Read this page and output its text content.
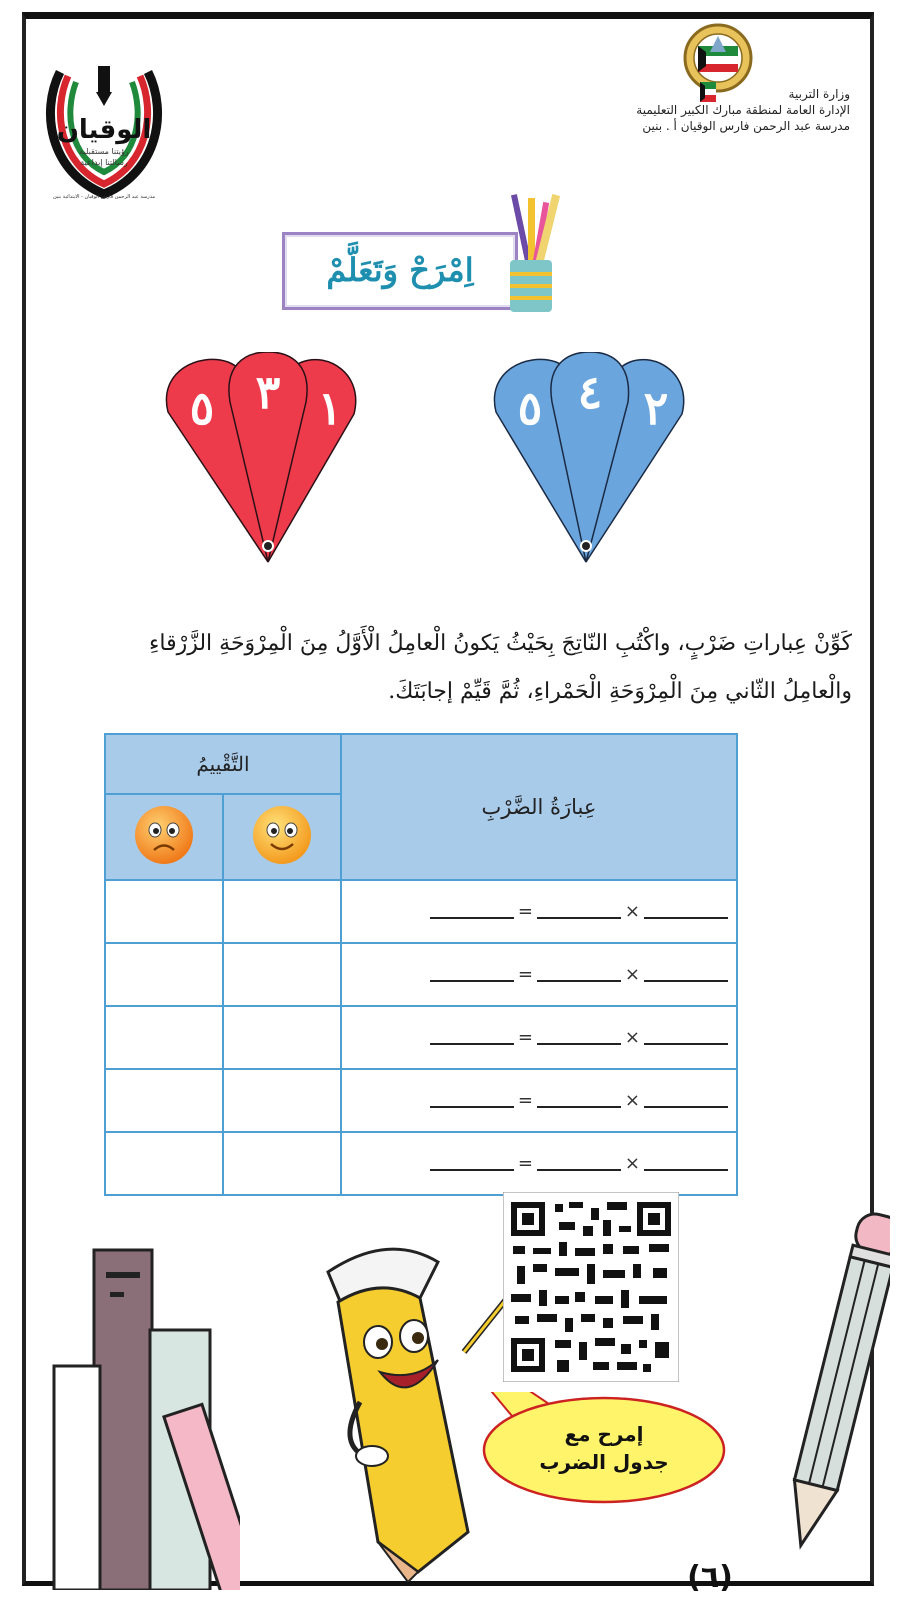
الوقيان
رؤيتنا مستقبلية
رسالتنا إبداعية
مدرسة عبد الرحمن فارس الوقيان - الابتدائية بنين
وزارة التربية
الإدارة العامة لمنطقة مبارك الكبير التعليمية
مدرسة عبد الرحمن فارس الوقيان أ . بنين
اِمْرَحْ وَتَعَلَّمْ
٥ ٣ ١	٥ ٤ ٢
كَوِّنْ عِباراتِ ضَرْبٍ، واكْتُبِ النّاتِجَ بِحَيْثُ يَكونُ الْعامِلُ الْأَوَّلُ مِنَ الْمِرْوَحَةِ الزَّرْقاءِ
والْعامِلُ الثّاني مِنَ الْمِرْوَحَةِ الْحَمْراءِ، ثُمَّ قَيِّمْ إجابَتَكَ.
عِبارَةُ الضَّرْبِ	التَّقْييمُ	

×=		
×=		
×=		
×=		
×=		
إمرح مع
جدول الضرب
(٦)
